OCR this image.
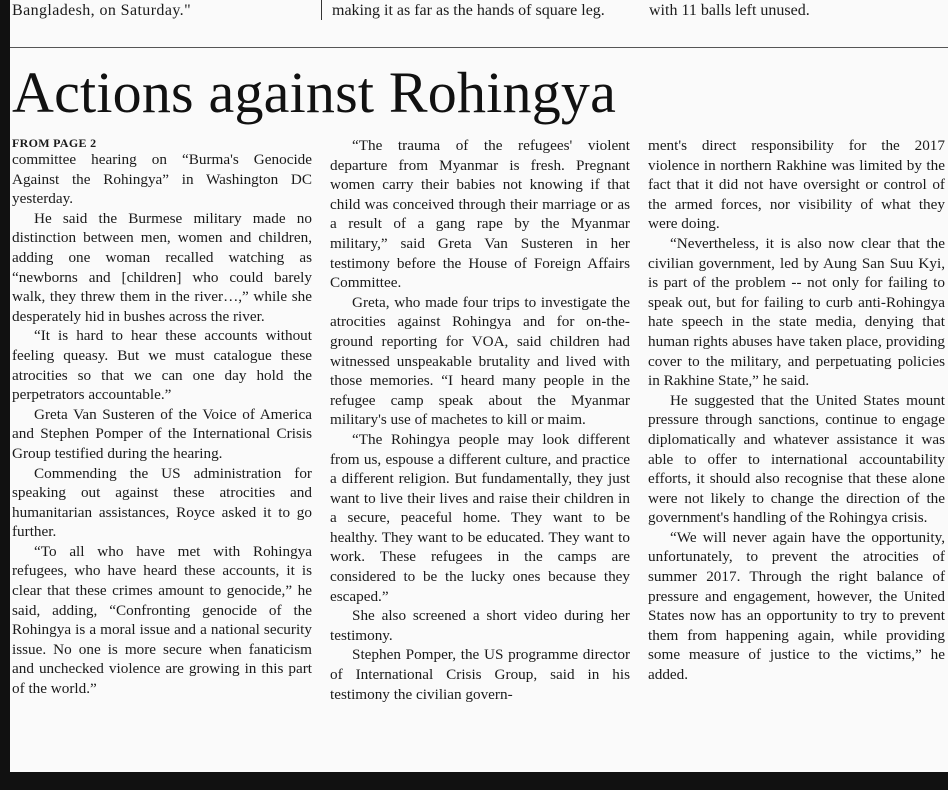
Bangladesh, on Saturday."	making it as far as the hands of square leg.	with 11 balls left unused.
Actions against Rohingya

FROM PAGE 2

committee hearing on “Burma's Genocide Against the Rohingya” in Washington DC yesterday.

He said the Burmese military made no distinction between men, women and children, adding one woman recalled watching as “newborns and [children] who could barely walk, they threw them in the river…,” while she desperately hid in bushes across the river.

“It is hard to hear these accounts without feeling queasy. But we must catalogue these atrocities so that we can one day hold the perpetrators accountable.”

Greta Van Susteren of the Voice of America and Stephen Pomper of the International Crisis Group testified during the hearing.

Commending the US administration for speaking out against these atrocities and humanitarian assistances, Royce asked it to go further.

“To all who have met with Rohingya refugees, who have heard these accounts, it is clear that these crimes amount to genocide,” he said, adding, “Confronting genocide of the Rohingya is a moral issue and a national security issue. No one is more secure when fanaticism and unchecked violence are growing in this part of the world.”

“The trauma of the refugees' violent departure from Myanmar is fresh. Pregnant women carry their babies not knowing if that child was conceived through their marriage or as a result of a gang rape by the Myanmar military,” said Greta Van Susteren in her testimony before the House of Foreign Affairs Committee.

Greta, who made four trips to investigate the atrocities against Rohingya and for on-the-ground reporting for VOA, said children had witnessed unspeakable brutality and lived with those memories. “I heard many people in the refugee camp speak about the Myanmar military's use of machetes to kill or maim.

“The Rohingya people may look different from us, espouse a different culture, and practice a different religion. But fundamentally, they just want to live their lives and raise their children in a secure, peaceful home. They want to be healthy. They want to be educated. They want to work. These refugees in the camps are considered to be the lucky ones because they escaped.”

She also screened a short video during her testimony.

Stephen Pomper, the US programme director of International Crisis Group, said in his testimony the civilian govern-

ment's direct responsibility for the 2017 violence in northern Rakhine was limited by the fact that it did not have oversight or control of the armed forces, nor visibility of what they were doing.

“Nevertheless, it is also now clear that the civilian government, led by Aung San Suu Kyi, is part of the problem -- not only for failing to speak out, but for failing to curb anti-Rohingya hate speech in the state media, denying that human rights abuses have taken place, providing cover to the military, and perpetuating policies in Rakhine State,” he said.

He suggested that the United States mount pressure through sanctions, continue to engage diplomatically and whatever assistance it was able to offer to international accountability efforts, it should also recognise that these alone were not likely to change the direction of the government's handling of the Rohingya crisis.

“We will never again have the opportunity, unfortunately, to prevent the atrocities of summer 2017. Through the right balance of pressure and engagement, however, the United States now has an opportunity to try to prevent them from happening again, while providing some measure of justice to the victims,” he added.
